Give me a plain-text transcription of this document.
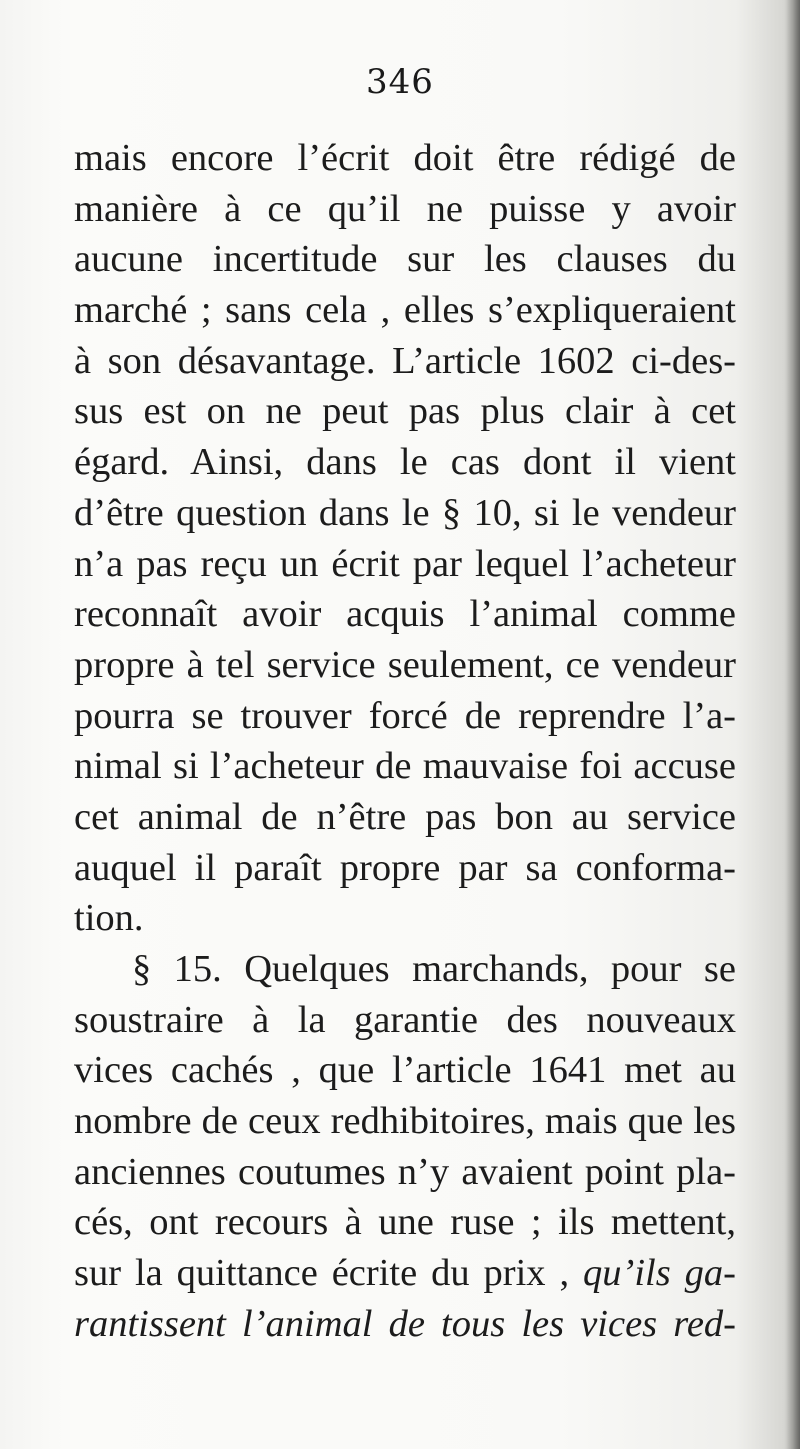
346
mais encore l’écrit doit être rédigé de
manière à ce qu’il ne puisse y avoir
aucune incertitude sur les clauses du
marché ; sans cela , elles s’expliqueraient
à son désavantage. L’article 1602 ci-des-
sus est on ne peut pas plus clair à cet
égard. Ainsi, dans le cas dont il vient
d’être question dans le § 10, si le vendeur
n’a pas reçu un écrit par lequel l’acheteur
reconnaît avoir acquis l’animal comme
propre à tel service seulement, ce vendeur
pourra se trouver forcé de reprendre l’a-
nimal si l’acheteur de mauvaise foi accuse
cet animal de n’être pas bon au service
auquel il paraît propre par sa conforma-
tion.
§ 15. Quelques marchands, pour se
soustraire à la garantie des nouveaux
vices cachés , que l’article 1641 met au
nombre de ceux redhibitoires, mais que les
anciennes coutumes n’y avaient point pla-
cés, ont recours à une ruse ; ils mettent,
sur la quittance écrite du prix , qu’ils ga-
rantissent l’animal de tous les vices red-
